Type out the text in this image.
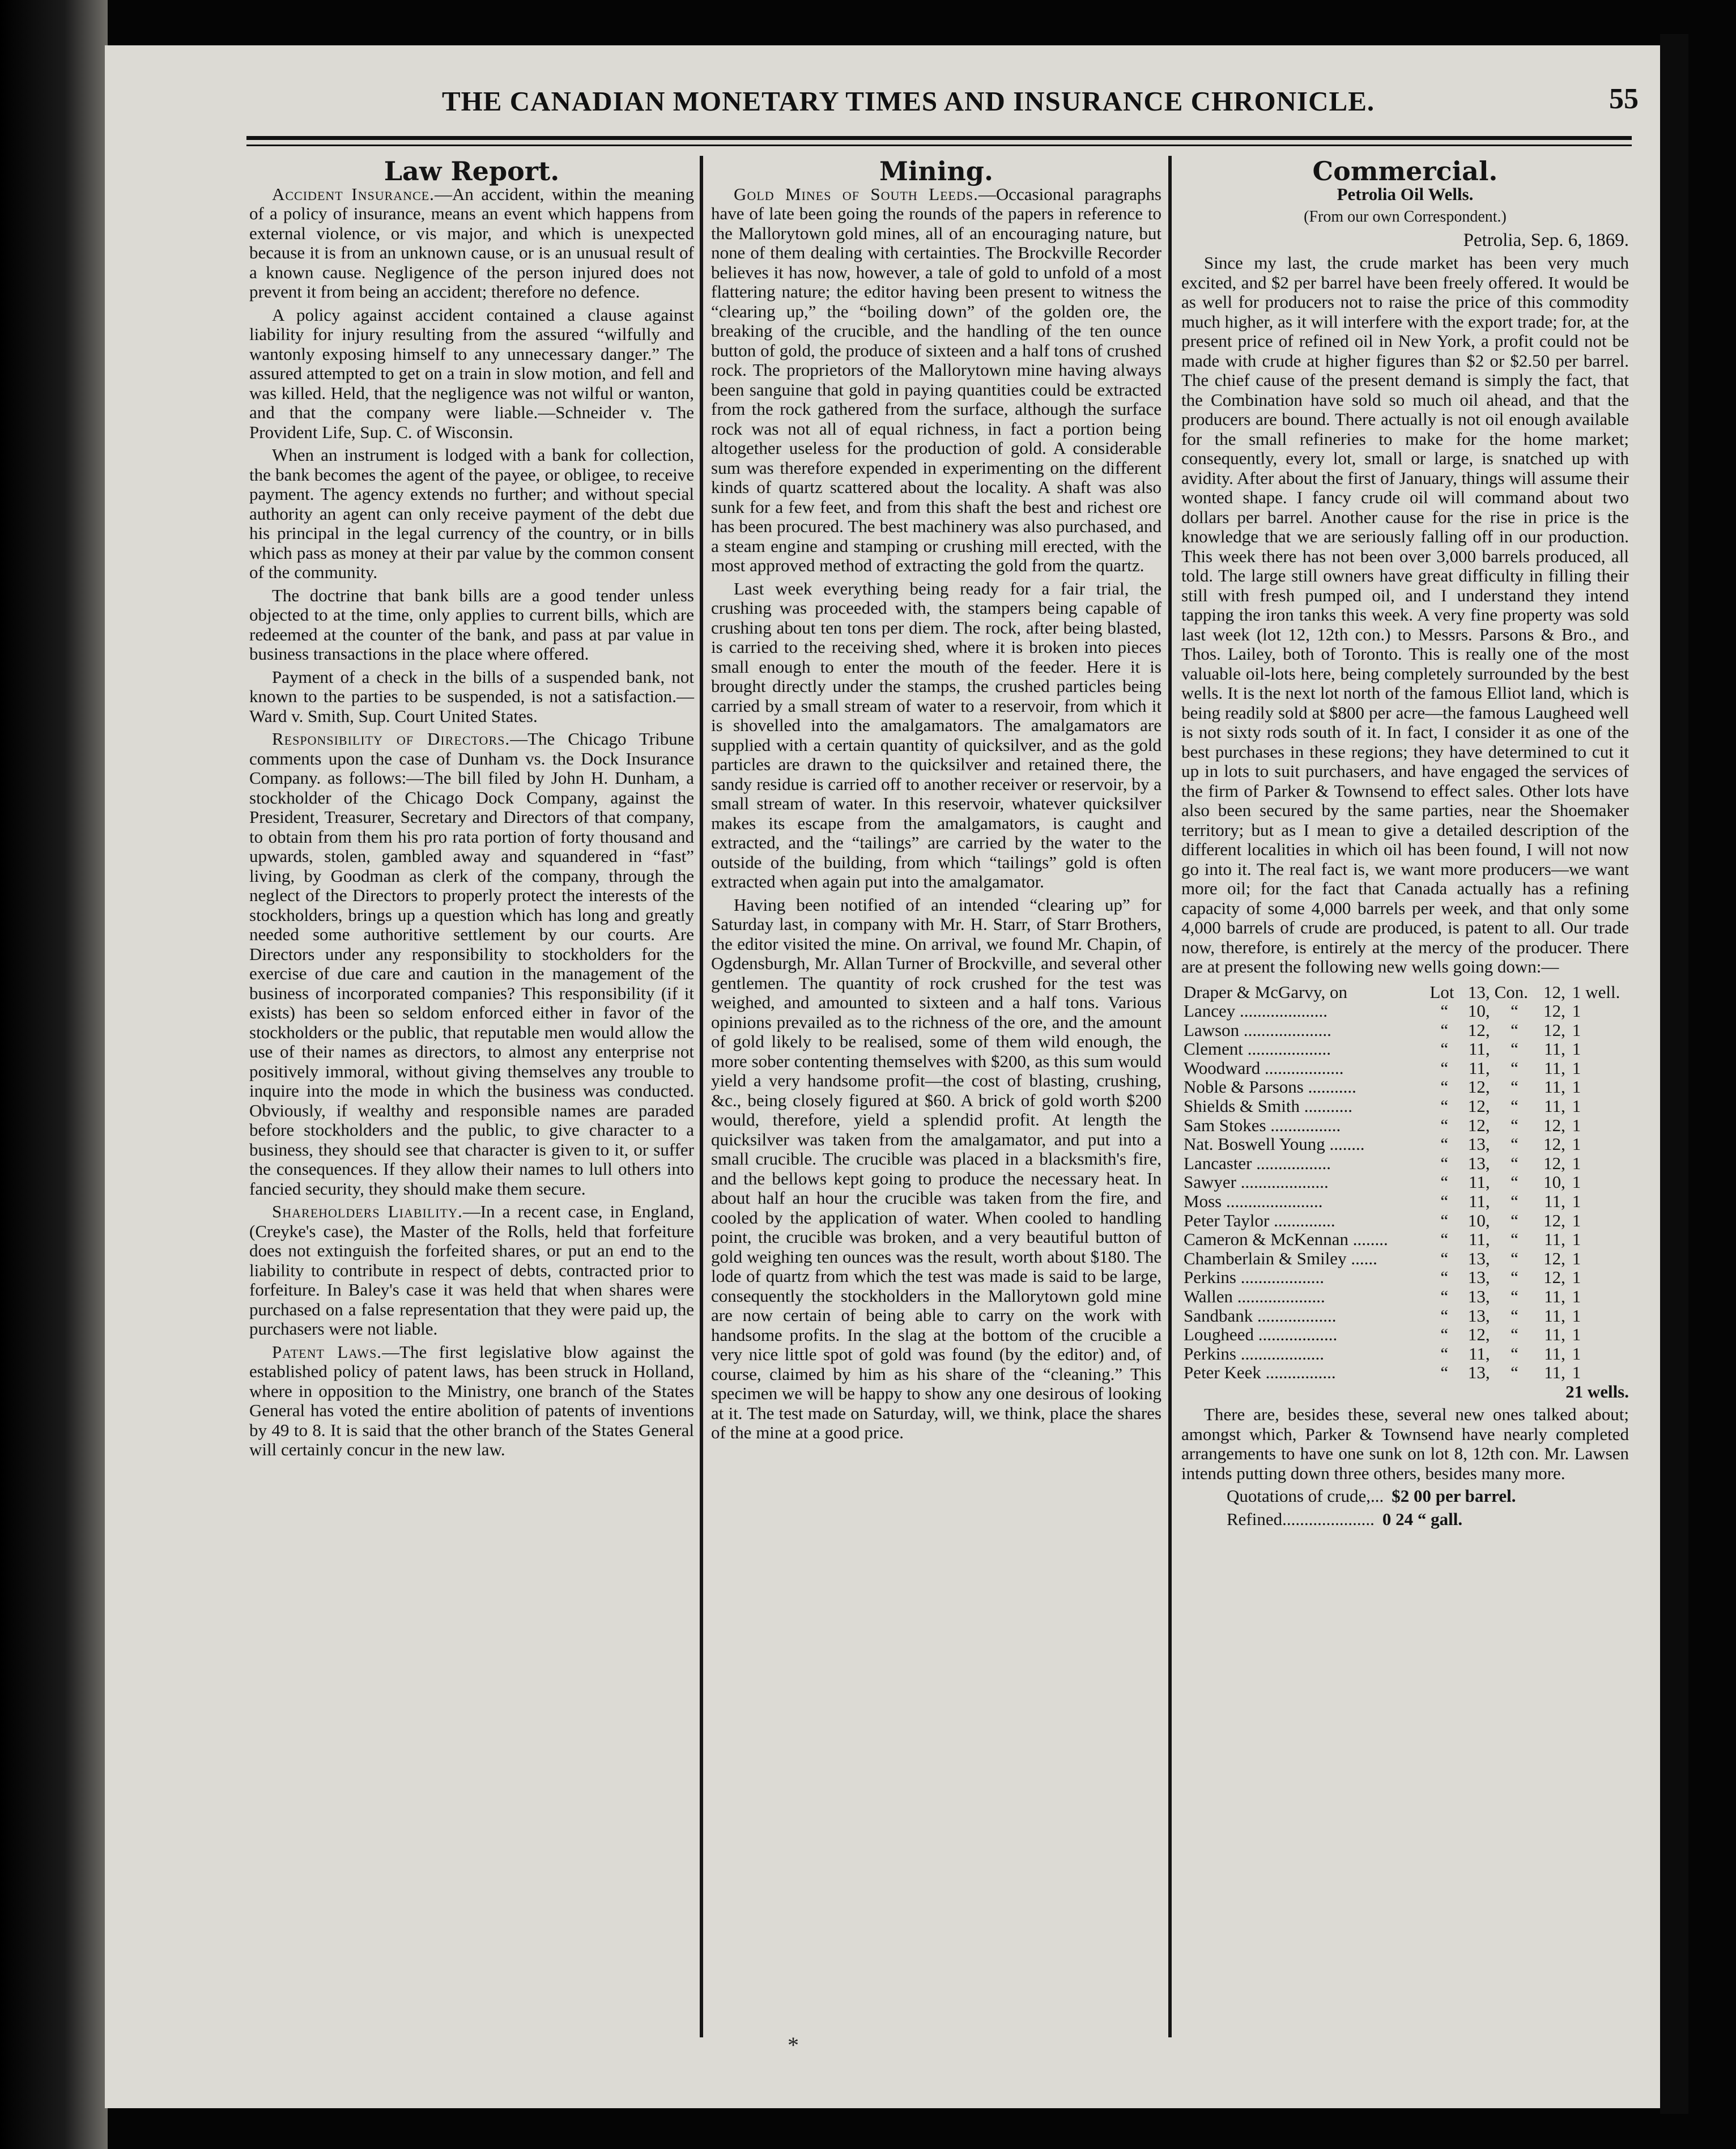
THE CANADIAN MONETARY TIMES AND INSURANCE CHRONICLE.	55

Law Report.

Accident Insurance.—An accident, within the meaning of a policy of insurance, means an event which happens from external violence, or vis major, and which is unexpected because it is from an unknown cause, or is an unusual result of a known cause. Negligence of the person injured does not prevent it from being an accident; therefore no defence.

A policy against accident contained a clause against liability for injury resulting from the assured “wilfully and wantonly exposing himself to any unnecessary danger.” The assured attempted to get on a train in slow motion, and fell and was killed. Held, that the negligence was not wilful or wanton, and that the company were liable.—Schneider v. The Provident Life, Sup. C. of Wisconsin.

When an instrument is lodged with a bank for collection, the bank becomes the agent of the payee, or obligee, to receive payment. The agency extends no further; and without special authority an agent can only receive payment of the debt due his principal in the legal currency of the country, or in bills which pass as money at their par value by the common consent of the community.

The doctrine that bank bills are a good tender unless objected to at the time, only applies to current bills, which are redeemed at the counter of the bank, and pass at par value in business transactions in the place where offered.

Payment of a check in the bills of a suspended bank, not known to the parties to be suspended, is not a satisfaction.—Ward v. Smith, Sup. Court United States.

Responsibility of Directors.—The Chicago Tribune comments upon the case of Dunham vs. the Dock Insurance Company. as follows:—The bill filed by John H. Dunham, a stockholder of the Chicago Dock Company, against the President, Treasurer, Secretary and Directors of that company, to obtain from them his pro rata portion of forty thousand and upwards, stolen, gambled away and squandered in “fast” living, by Goodman as clerk of the company, through the neglect of the Directors to properly protect the interests of the stockholders, brings up a question which has long and greatly needed some authoritive settlement by our courts. Are Directors under any responsibility to stockholders for the exercise of due care and caution in the management of the business of incorporated companies? This responsibility (if it exists) has been so seldom enforced either in favor of the stockholders or the public, that reputable men would allow the use of their names as directors, to almost any enterprise not positively immoral, without giving themselves any trouble to inquire into the mode in which the business was conducted. Obviously, if wealthy and responsible names are paraded before stockholders and the public, to give character to a business, they should see that character is given to it, or suffer the consequences. If they allow their names to lull others into fancied security, they should make them secure.

Shareholders Liability.—In a recent case, in England, (Creyke's case), the Master of the Rolls, held that forfeiture does not extinguish the forfeited shares, or put an end to the liability to contribute in respect of debts, contracted prior to forfeiture. In Baley's case it was held that when shares were purchased on a false representation that they were paid up, the purchasers were not liable.

Patent Laws.—The first legislative blow against the established policy of patent laws, has been struck in Holland, where in opposition to the Ministry, one branch of the States General has voted the entire abolition of patents of inventions by 49 to 8. It is said that the other branch of the States General will certainly concur in the new law.

Mining.

Gold Mines of South Leeds.—Occasional paragraphs have of late been going the rounds of the papers in reference to the Mallorytown gold mines, all of an encouraging nature, but none of them dealing with certainties. The Brockville Recorder believes it has now, however, a tale of gold to unfold of a most flattering nature; the editor having been present to witness the “clearing up,” the “boiling down” of the golden ore, the breaking of the crucible, and the handling of the ten ounce button of gold, the produce of sixteen and a half tons of crushed rock. The proprietors of the Mallorytown mine having always been sanguine that gold in paying quantities could be extracted from the rock gathered from the surface, although the surface rock was not all of equal richness, in fact a portion being altogether useless for the production of gold. A considerable sum was therefore expended in experimenting on the different kinds of quartz scattered about the locality. A shaft was also sunk for a few feet, and from this shaft the best and richest ore has been procured. The best machinery was also purchased, and a steam engine and stamping or crushing mill erected, with the most approved method of extracting the gold from the quartz.

Last week everything being ready for a fair trial, the crushing was proceeded with, the stampers being capable of crushing about ten tons per diem. The rock, after being blasted, is carried to the receiving shed, where it is broken into pieces small enough to enter the mouth of the feeder. Here it is brought directly under the stamps, the crushed particles being carried by a small stream of water to a reservoir, from which it is shovelled into the amalgamators. The amalgamators are supplied with a certain quantity of quicksilver, and as the gold particles are drawn to the quicksilver and retained there, the sandy residue is carried off to another receiver or reservoir, by a small stream of water. In this reservoir, whatever quicksilver makes its escape from the amalgamators, is caught and extracted, and the “tailings” are carried by the water to the outside of the building, from which “tailings” gold is often extracted when again put into the amalgamator.

Having been notified of an intended “clearing up” for Saturday last, in company with Mr. H. Starr, of Starr Brothers, the editor visited the mine. On arrival, we found Mr. Chapin, of Ogdensburgh, Mr. Allan Turner of Brockville, and several other gentlemen. The quantity of rock crushed for the test was weighed, and amounted to sixteen and a half tons. Various opinions prevailed as to the richness of the ore, and the amount of gold likely to be realised, some of them wild enough, the more sober contenting themselves with $200, as this sum would yield a very handsome profit—the cost of blasting, crushing, &c., being closely figured at $60. A brick of gold worth $200 would, therefore, yield a splendid profit. At length the quicksilver was taken from the amalgamator, and put into a small crucible. The crucible was placed in a blacksmith's fire, and the bellows kept going to produce the necessary heat. In about half an hour the crucible was taken from the fire, and cooled by the application of water. When cooled to handling point, the crucible was broken, and a very beautiful button of gold weighing ten ounces was the result, worth about $180. The lode of quartz from which the test was made is said to be large, consequently the stockholders in the Mallorytown gold mine are now certain of being able to carry on the work with handsome profits. In the slag at the bottom of the crucible a very nice little spot of gold was found (by the editor) and, of course, claimed by him as his share of the “cleaning.” This specimen we will be happy to show any one desirous of looking at it. The test made on Saturday, will, we think, place the shares of the mine at a good price.

Commercial.

Petrolia Oil Wells.

(From our own Correspondent.)

Petrolia, Sep. 6, 1869.

Since my last, the crude market has been very much excited, and $2 per barrel have been freely offered. It would be as well for producers not to raise the price of this commodity much higher, as it will interfere with the export trade; for, at the present price of refined oil in New York, a profit could not be made with crude at higher figures than $2 or $2.50 per barrel. The chief cause of the present demand is simply the fact, that the Combination have sold so much oil ahead, and that the producers are bound. There actually is not oil enough available for the small refineries to make for the home market; consequently, every lot, small or large, is snatched up with avidity. After about the first of January, things will assume their wonted shape. I fancy crude oil will command about two dollars per barrel. Another cause for the rise in price is the knowledge that we are seriously falling off in our production. This week there has not been over 3,000 barrels produced, all told. The large still owners have great difficulty in filling their still with fresh pumped oil, and I understand they intend tapping the iron tanks this week. A very fine property was sold last week (lot 12, 12th con.) to Messrs. Parsons & Bro., and Thos. Lailey, both of Toronto. This is really one of the most valuable oil-lots here, being completely surrounded by the best wells. It is the next lot north of the famous Elliot land, which is being readily sold at $800 per acre—the famous Laugheed well is not sixty rods south of it. In fact, I consider it as one of the best purchases in these regions; they have determined to cut it up in lots to suit purchasers, and have engaged the services of the firm of Parker & Townsend to effect sales. Other lots have also been secured by the same parties, near the Shoemaker territory; but as I mean to give a detailed description of the different localities in which oil has been found, I will not now go into it. The real fact is, we want more producers—we want more oil; for the fact that Canada actually has a refining capacity of some 4,000 barrels per week, and that only some 4,000 barrels of crude are produced, is patent to all. Our trade now, therefore, is entirely at the mercy of the producer. There are at present the following new wells going down:—

Draper & McGarvy, on	Lot	13,	Con.	12,	1	well.
Lancey ....................	“	10,	“	12,	1	
Lawson ....................	“	12,	“	12,	1	
Clement ...................	“	11,	“	11,	1	
Woodward ..................	“	11,	“	11,	1	
Noble & Parsons ...........	“	12,	“	11,	1	
Shields & Smith ...........	“	12,	“	11,	1	
Sam Stokes ................	“	12,	“	12,	1	
Nat. Boswell Young ........	“	13,	“	12,	1	
Lancaster .................	“	13,	“	12,	1	
Sawyer ....................	“	11,	“	10,	1	
Moss ......................	“	11,	“	11,	1	
Peter Taylor ..............	“	10,	“	12,	1	
Cameron & McKennan ........	“	11,	“	11,	1	
Chamberlain & Smiley ......	“	13,	“	12,	1	
Perkins ...................	“	13,	“	12,	1	
Wallen ....................	“	13,	“	11,	1	
Sandbank ..................	“	13,	“	11,	1	
Lougheed ..................	“	12,	“	11,	1	
Perkins ...................	“	11,	“	11,	1	
Peter Keek ................	“	13,	“	11,	1	

21 wells.

There are, besides these, several new ones talked about; amongst which, Parker & Townsend have nearly completed arrangements to have one sunk on lot 8, 12th con. Mr. Lawsen intends putting down three others, besides many more.

Quotations of crude,... $2 00 per barrel.

Refined..................... 0 24 “ gall.

*
